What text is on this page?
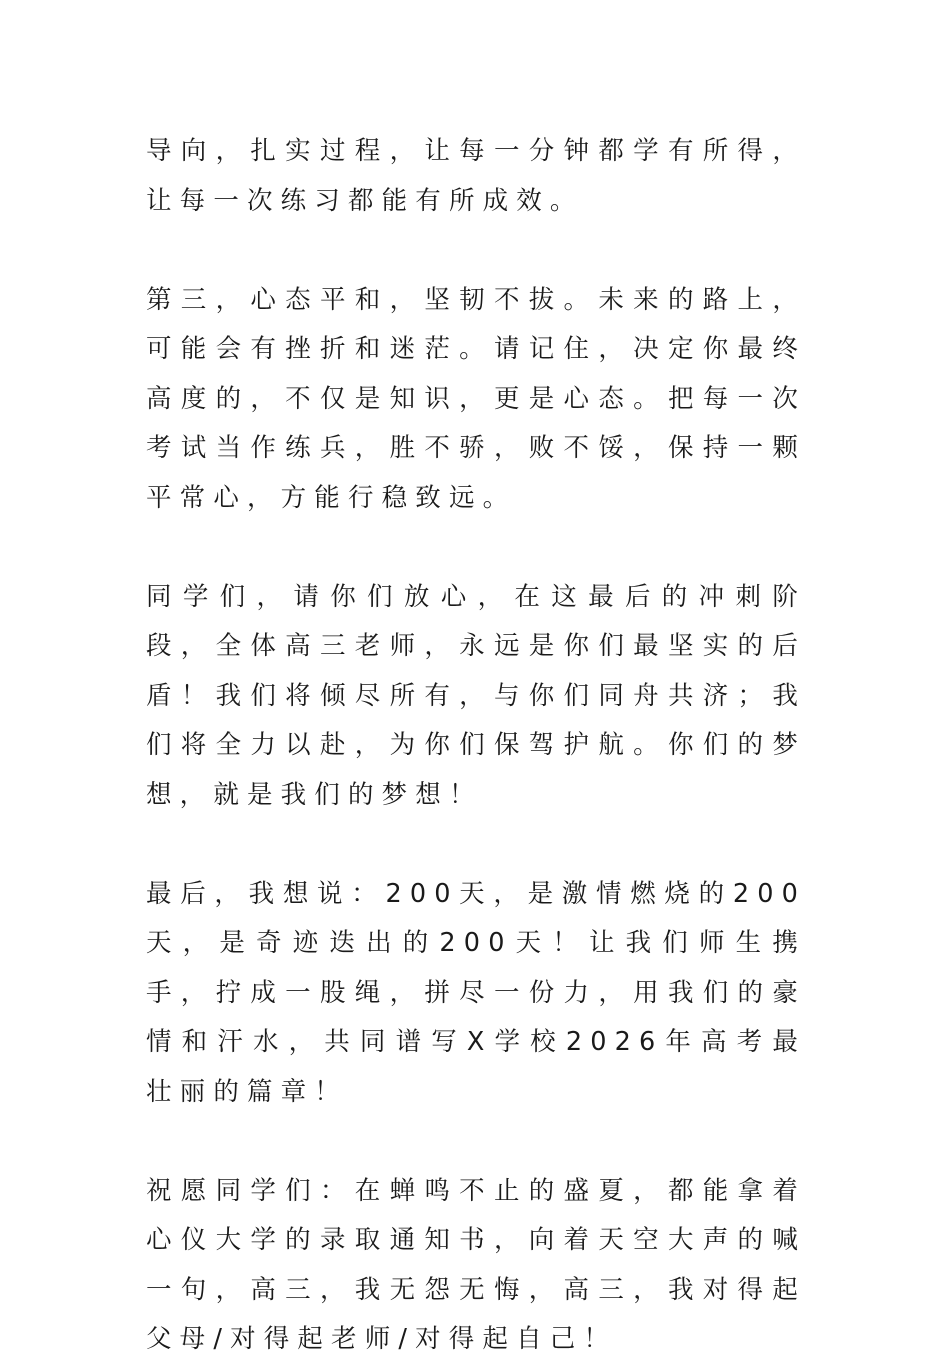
导向，扎实过程，让每一分钟都学有所得，让每一次练习都能有所成效。

第三，心态平和，坚韧不拔。未来的路上，可能会有挫折和迷茫。请记住，决定你最终高度的，不仅是知识，更是心态。把每一次考试当作练兵，胜不骄，败不馁，保持一颗平常心，方能行稳致远。

同学们，请你们放心，在这最后的冲刺阶段，全体高三老师，永远是你们最坚实的后盾！我们将倾尽所有，与你们同舟共济；我们将全力以赴，为你们保驾护航。你们的梦想，就是我们的梦想！

最后，我想说：200天，是激情燃烧的200天，是奇迹迭出的200天！让我们师生携手，拧成一股绳，拼尽一份力，用我们的豪情和汗水，共同谱写X学校2026年高考最壮丽的篇章！

祝愿同学们：在蝉鸣不止的盛夏，都能拿着心仪大学的录取通知书，向着天空大声的喊一句，高三，我无怨无悔，高三，我对得起父母/对得起老师/对得起自己！
